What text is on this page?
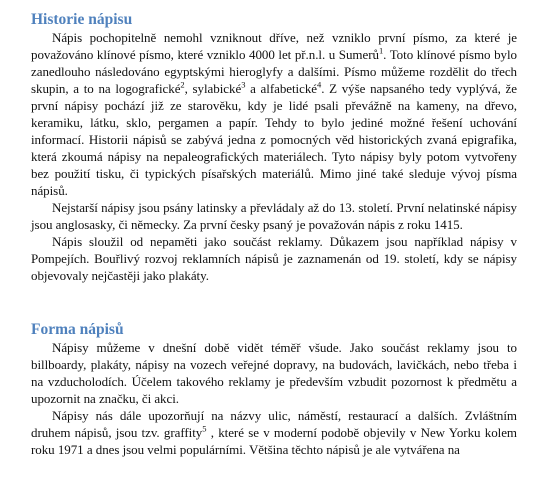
Historie nápisu

Nápis pochopitelně nemohl vzniknout dříve, než vzniklo první písmo, za které je považováno klínové písmo, které vzniklo 4000 let př.n.l. u Sumerů$^1$. Toto klínové písmo bylo zanedlouho následováno egyptskými hieroglyfy a dalšími. Písmo můžeme rozdělit do třech skupin, a to na logografické$^2$, sylabické$^3$ a alfabetické$^4$. Z výše napsaného tedy vyplývá, že první nápisy pochází již ze starověku, kdy je lidé psali převážně na kameny, na dřevo, keramiku, látku, sklo, pergamen a papír. Tehdy to bylo jediné možné řešení uchování informací. Historii nápisů se zabývá jedna z pomocných věd historických zvaná epigrafika, která zkoumá nápisy na nepaleografických materiálech. Tyto nápisy byly potom vytvořeny bez použití tisku, či typických písařských materiálů. Mimo jiné také sleduje vývoj písma nápisů.

Nejstarší nápisy jsou psány latinsky a převládaly až do 13. století. První nelatinské nápisy jsou anglosasky, či německy. Za první česky psaný je považován nápis z roku 1415.

Nápis sloužil od nepaměti jako součást reklamy. Důkazem jsou například nápisy v Pompejích. Bouřlivý rozvoj reklamních nápisů je zaznamenán od 19. století, kdy se nápisy objevovaly nejčastěji jako plakáty.

Forma nápisů

Nápisy můžeme v dnešní době vidět téměř všude. Jako součást reklamy jsou to billboardy, plakáty, nápisy na vozech veřejné dopravy, na budovách, lavičkách, nebo třeba i na vzducholodích. Účelem takového reklamy je především vzbudit pozornost k předmětu a upozornit na značku, či akci.

Nápisy nás dále upozorňují na názvy ulic, náměstí, restaurací a dalších. Zvláštním druhem nápisů, jsou tzv. graffity$^5$ , které se v moderní podobě objevily v New Yorku kolem roku 1971 a dnes jsou velmi populárními. Většina těchto nápisů je ale vytvářena na
